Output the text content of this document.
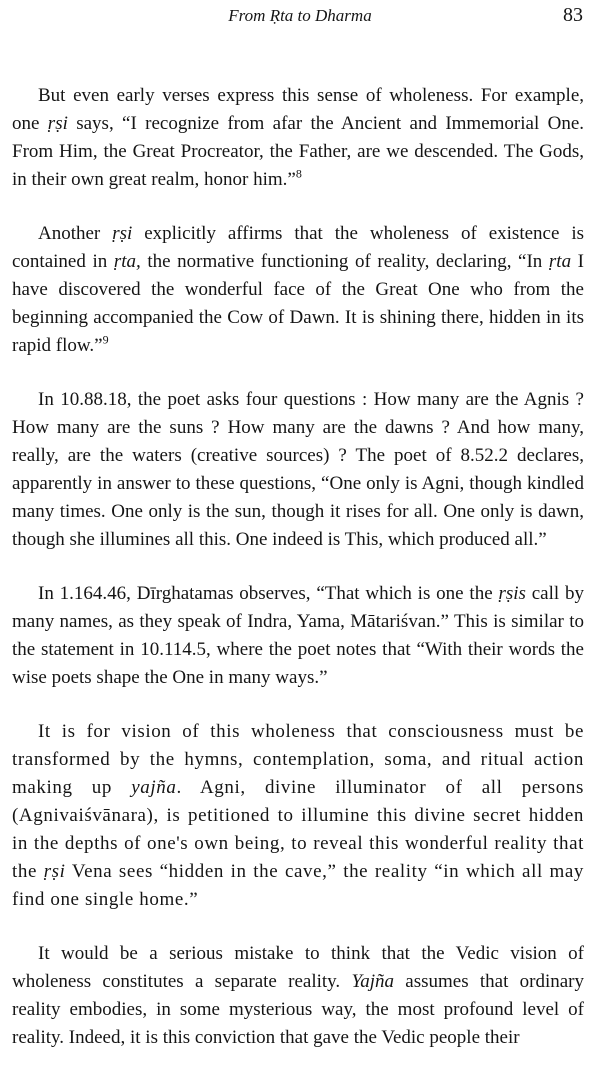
From Ṛta to Dharma	83

But even early verses express this sense of wholeness. For example, one ṛṣi says, “I recognize from afar the Ancient and Immemorial One. From Him, the Great Procreator, the Father, are we descended. The Gods, in their own great realm, honor him.”$^8$

Another ṛṣi explicitly affirms that the wholeness of existence is contained in ṛta, the normative functioning of reality, declaring, “In ṛta I have discovered the wonderful face of the Great One who from the beginning accompanied the Cow of Dawn. It is shining there, hidden in its rapid flow.”$^9$

In 10.88.18, the poet asks four questions : How many are the Agnis ? How many are the suns ? How many are the dawns ? And how many, really, are the waters (creative sources) ? The poet of 8.52.2 declares, apparently in answer to these questions, “One only is Agni, though kindled many times. One only is the sun, though it rises for all. One only is dawn, though she illumines all this. One indeed is This, which produced all.”

In 1.164.46, Dīrghatamas observes, “That which is one the ṛṣis call by many names, as they speak of Indra, Yama, Mātariśvan.” This is similar to the statement in 10.114.5, where the poet notes that “With their words the wise poets shape the One in many ways.”

It is for vision of this wholeness that consciousness must be transformed by the hymns, contemplation, soma, and ritual action making up yajña. Agni, divine illuminator of all persons (Agnivaiśvānara), is petitioned to illumine this divine secret hidden in the depths of one's own being, to reveal this wonderful reality that the ṛṣi Vena sees “hidden in the cave,” the reality “in which all may find one single home.”

It would be a serious mistake to think that the Vedic vision of wholeness constitutes a separate reality. Yajña assumes that ordinary reality embodies, in some mysterious way, the most profound level of reality. Indeed, it is this conviction that gave the Vedic people their
